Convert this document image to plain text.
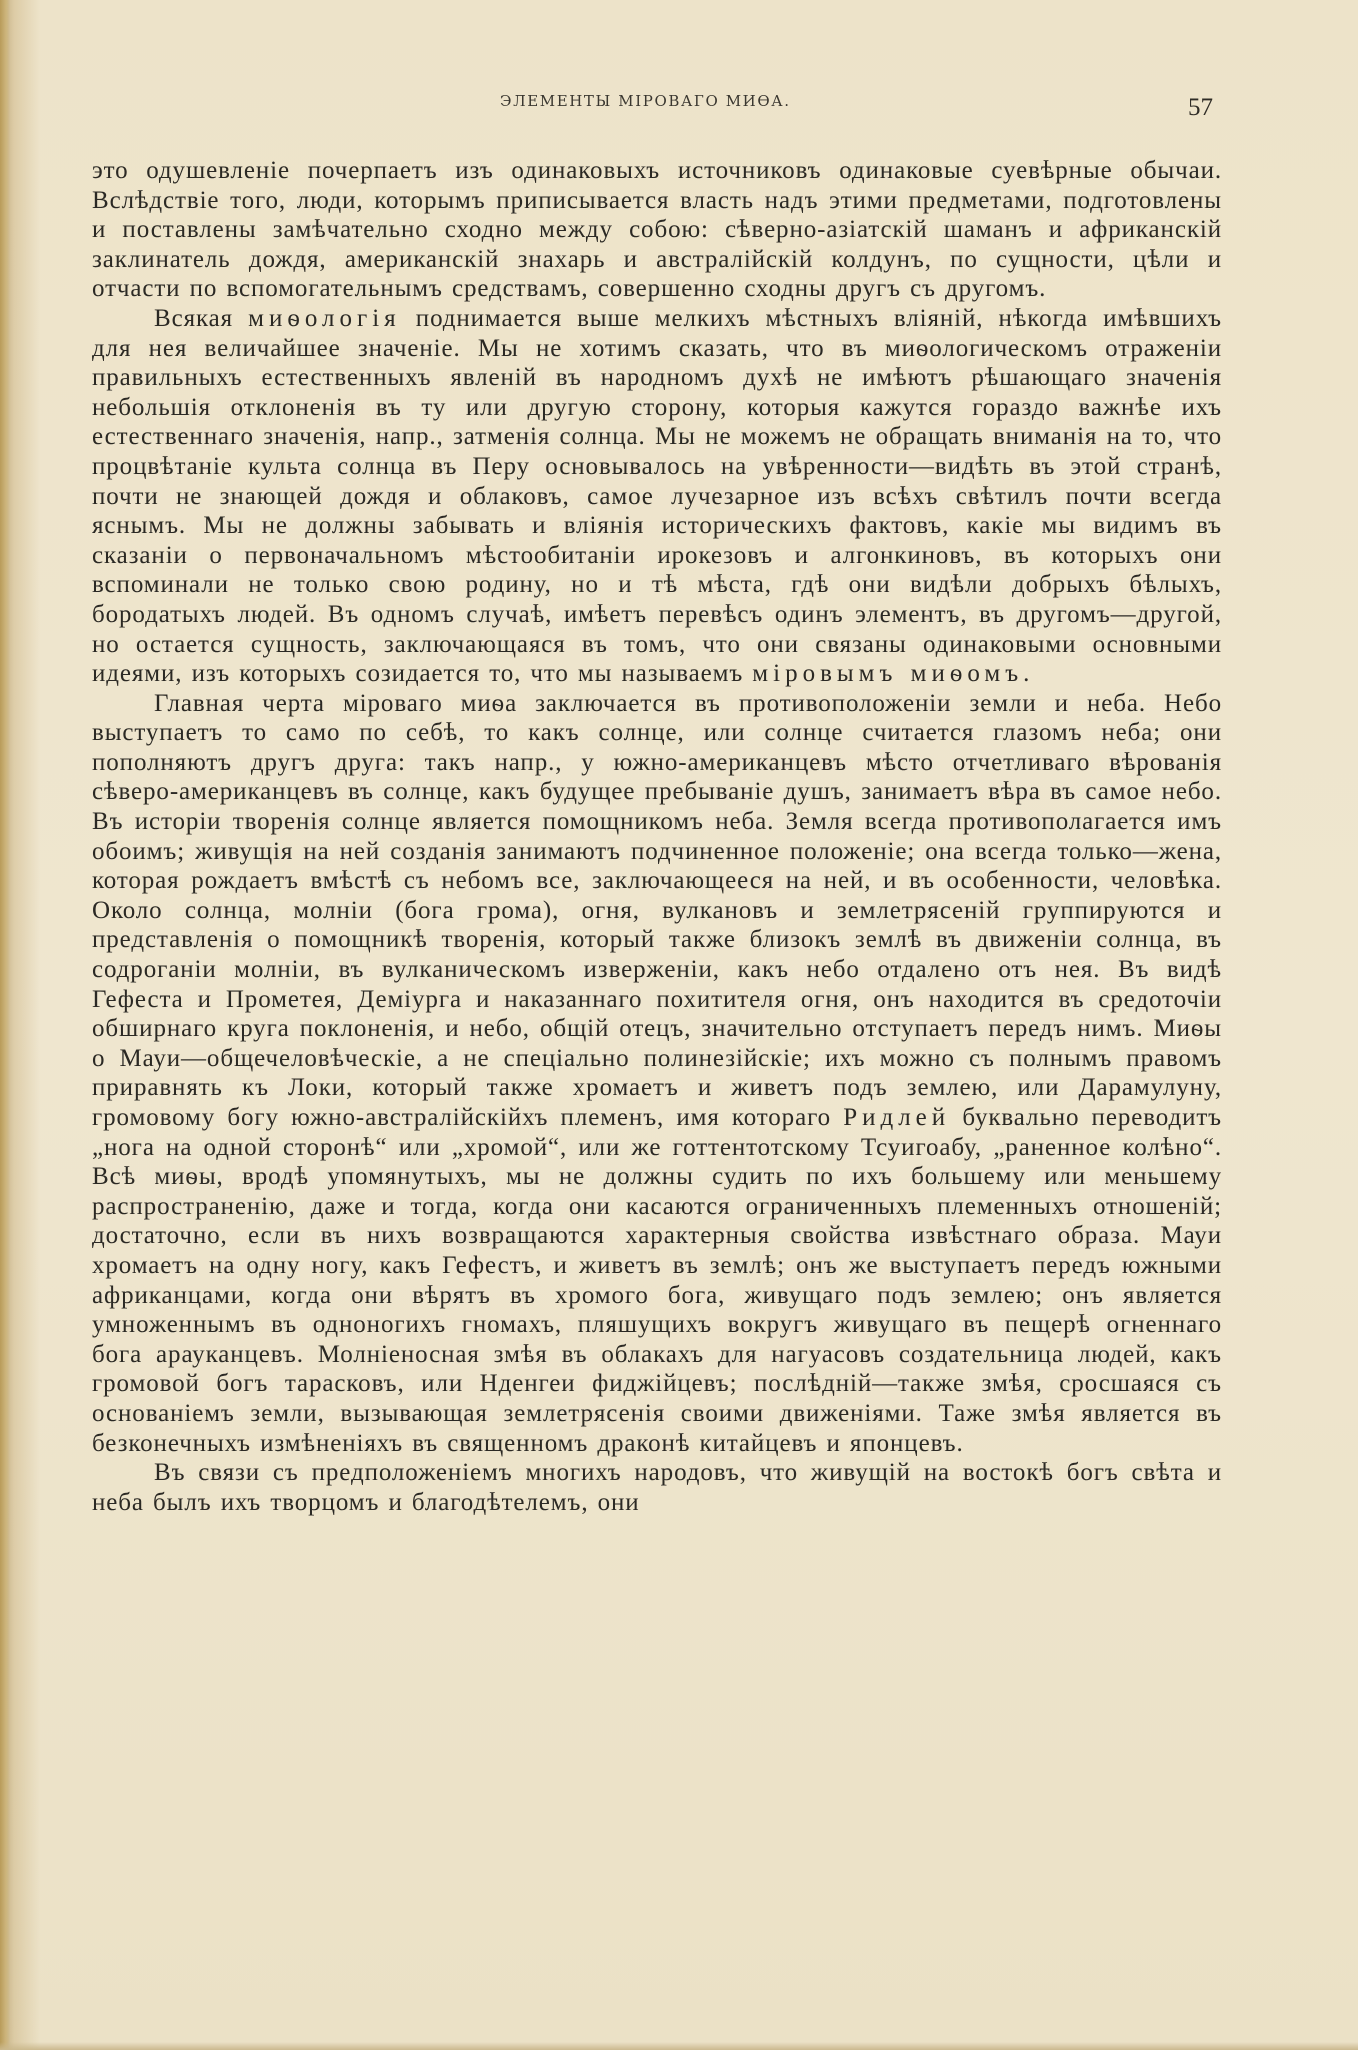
ЭЛЕМЕНТЫ МІРОВАГО МИѲА.	57

это одушевленіе почерпаетъ изъ одинаковыхъ источниковъ одинаковые суевѣрные обычаи. Вслѣдствіе того, люди, которымъ приписывается власть надъ этими предметами, подготовлены и поставлены замѣчательно сходно между собою: сѣверно-азіатскій шаманъ и африканскій заклинатель дождя, американскій знахарь и австралійскій колдунъ, по сущности, цѣли и отчасти по вспомогательнымъ средствамъ, совершенно сходны другъ съ другомъ.

Всякая миѳологія поднимается выше мелкихъ мѣстныхъ вліяній, нѣкогда имѣвшихъ для нея величайшее значеніе. Мы не хотимъ сказать, что въ миѳологическомъ отраженіи правильныхъ естественныхъ явленій въ народномъ духѣ не имѣютъ рѣшающаго значенія небольшія отклоненія въ ту или другую сторону, которыя кажутся гораздо важнѣе ихъ естественнаго значенія, напр., затменія солнца. Мы не можемъ не обращать вниманія на то, что процвѣтаніе культа солнца въ Перу основывалось на увѣренности—видѣть въ этой странѣ, почти не знающей дождя и облаковъ, самое лучезарное изъ всѣхъ свѣтилъ почти всегда яснымъ. Мы не должны забывать и вліянія историческихъ фактовъ, какіе мы видимъ въ сказаніи о первоначальномъ мѣстообитаніи ирокезовъ и алгонкиновъ, въ которыхъ они вспоминали не только свою родину, но и тѣ мѣста, гдѣ они видѣли добрыхъ бѣлыхъ, бородатыхъ людей. Въ одномъ случаѣ, имѣетъ перевѣсъ одинъ элементъ, въ другомъ—другой, но остается сущность, заключающаяся въ томъ, что они связаны одинаковыми основными идеями, изъ которыхъ созидается то, что мы называемъ міровымъ миѳомъ.

Главная черта міроваго миѳа заключается въ противоположеніи земли и неба. Небо выступаетъ то само по себѣ, то какъ солнце, или солнце считается глазомъ неба; они пополняютъ другъ друга: такъ напр., у южно-американцевъ мѣсто отчетливаго вѣрованія сѣверо-американцевъ въ солнце, какъ будущее пребываніе душъ, занимаетъ вѣра въ самое небо. Въ исторіи творенія солнце является помощникомъ неба. Земля всегда противополагается имъ обоимъ; живущія на ней созданія занимаютъ подчиненное положеніе; она всегда только—жена, которая рождаетъ вмѣстѣ съ небомъ все, заключающееся на ней, и въ особенности, человѣка. Около солнца, молніи (бога грома), огня, вулкановъ и землетрясеній группируются и представленія о помощникѣ творенія, который также близокъ землѣ въ движеніи солнца, въ содроганіи молніи, въ вулканическомъ изверженіи, какъ небо отдалено отъ нея. Въ видѣ Гефеста и Прометея, Деміурга и наказаннаго похитителя огня, онъ находится въ средоточіи обширнаго круга поклоненія, и небо, общій отецъ, значительно отступаетъ передъ нимъ. Миѳы о Мауи—общечеловѣческіе, а не спеціально полинезійскіе; ихъ можно съ полнымъ правомъ приравнять къ Локи, который также хромаетъ и живетъ подъ землею, или Дарамулуну, громовому богу южно-австралійскійхъ племенъ, имя котораго Ридлей буквально переводитъ „нога на одной сторонѣ“ или „хромой“, или же готтентотскому Тсуигоабу, „раненное колѣно“. Всѣ миѳы, вродѣ упомянутыхъ, мы не должны судить по ихъ большему или меньшему распространенію, даже и тогда, когда они касаются ограниченныхъ племенныхъ отношеній; достаточно, если въ нихъ возвращаются характерныя свойства извѣстнаго образа. Мауи хромаетъ на одну ногу, какъ Гефестъ, и живетъ въ землѣ; онъ же выступаетъ передъ южными африканцами, когда они вѣрятъ въ хромого бога, живущаго подъ землею; онъ является умноженнымъ въ одноногихъ гномахъ, пляшущихъ вокругъ живущаго въ пещерѣ огненнаго бога арауканцевъ. Молніеносная змѣя въ облакахъ для нагуасовъ создательница людей, какъ громовой богъ тарасковъ, или Нденгеи фиджійцевъ; послѣдній—также змѣя, сросшаяся съ основаніемъ земли, вызывающая землетрясенія своими движеніями. Таже змѣя является въ безконечныхъ измѣненіяхъ въ священномъ драконѣ китайцевъ и японцевъ.

Въ связи съ предположеніемъ многихъ народовъ, что живущій на востокѣ богъ свѣта и неба былъ ихъ творцомъ и благодѣтелемъ, они
